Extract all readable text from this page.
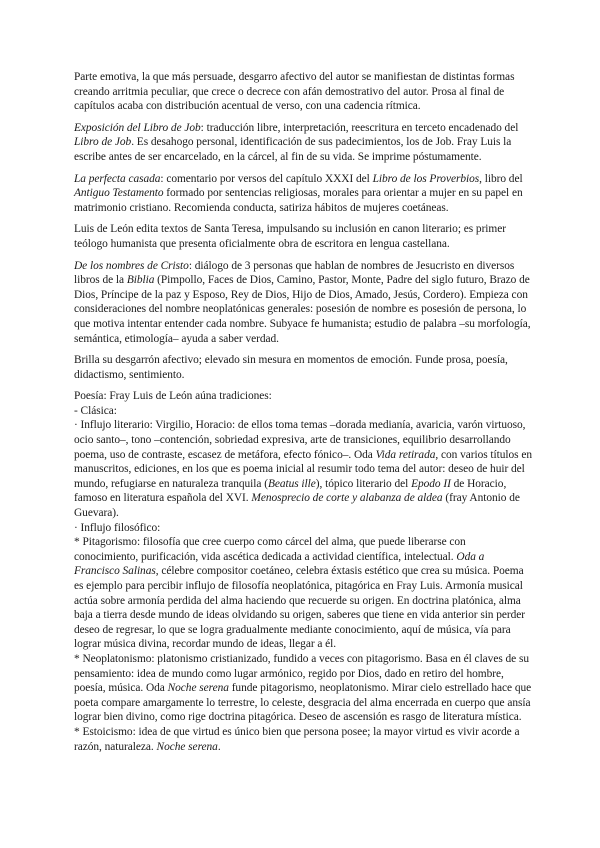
Parte emotiva, la que más persuade, desgarro afectivo del autor se manifiestan de distintas formas creando arritmia peculiar, que crece o decrece con afán demostrativo del autor. Prosa al final de capítulos acaba con distribución acentual de verso, con una cadencia rítmica.

Exposición del Libro de Job: traducción libre, interpretación, reescritura en terceto encadenado del Libro de Job. Es desahogo personal, identificación de sus padecimientos, los de Job. Fray Luis la escribe antes de ser encarcelado, en la cárcel, al fin de su vida. Se imprime póstumamente.

La perfecta casada: comentario por versos del capítulo XXXI del Libro de los Proverbios, libro del Antiguo Testamento formado por sentencias religiosas, morales para orientar a mujer en su papel en matrimonio cristiano. Recomienda conducta, satiriza hábitos de mujeres coetáneas.

Luis de León edita textos de Santa Teresa, impulsando su inclusión en canon literario; es primer teólogo humanista que presenta oficialmente obra de escritora en lengua castellana.

De los nombres de Cristo: diálogo de 3 personas que hablan de nombres de Jesucristo en diversos libros de la Biblia (Pimpollo, Faces de Dios, Camino, Pastor, Monte, Padre del siglo futuro, Brazo de Dios, Príncipe de la paz y Esposo, Rey de Dios, Hijo de Dios, Amado, Jesús, Cordero). Empieza con consideraciones del nombre neoplatónicas generales: posesión de nombre es posesión de persona, lo que motiva intentar entender cada nombre. Subyace fe humanista; estudio de palabra –su morfología, semántica, etimología– ayuda a saber verdad.

Brilla su desgarrón afectivo; elevado sin mesura en momentos de emoción. Funde prosa, poesía, didactismo, sentimiento.

Poesía: Fray Luis de León aúna tradiciones:

- Clásica:

· Influjo literario: Virgilio, Horacio: de ellos toma temas –dorada medianía, avaricia, varón virtuoso, ocio santo–, tono –contención, sobriedad expresiva, arte de transiciones, equilibrio desarrollando poema, uso de contraste, escasez de metáfora, efecto fónico–. Oda Vida retirada, con varios títulos en manuscritos, ediciones, en los que es poema inicial al resumir todo tema del autor: deseo de huir del mundo, refugiarse en naturaleza tranquila (Beatus ille), tópico literario del Epodo II de Horacio, famoso en literatura española del XVI. Menosprecio de corte y alabanza de aldea (fray Antonio de Guevara).

· Influjo filosófico:

* Pitagorismo: filosofía que cree cuerpo como cárcel del alma, que puede liberarse con conocimiento, purificación, vida ascética dedicada a actividad científica, intelectual. Oda a Francisco Salinas, célebre compositor coetáneo, celebra éxtasis estético que crea su música. Poema es ejemplo para percibir influjo de filosofía neoplatónica, pitagórica en Fray Luis. Armonía musical actúa sobre armonía perdida del alma haciendo que recuerde su origen. En doctrina platónica, alma baja a tierra desde mundo de ideas olvidando su origen, saberes que tiene en vida anterior sin perder deseo de regresar, lo que se logra gradualmente mediante conocimiento, aquí de música, vía para lograr música divina, recordar mundo de ideas, llegar a él.

* Neoplatonismo: platonismo cristianizado, fundido a veces con pitagorismo. Basa en él claves de su pensamiento: idea de mundo como lugar armónico, regido por Dios, dado en retiro del hombre, poesía, música. Oda Noche serena funde pitagorismo, neoplatonismo. Mirar cielo estrellado hace que poeta compare amargamente lo terrestre, lo celeste, desgracia del alma encerrada en cuerpo que ansía lograr bien divino, como rige doctrina pitagórica. Deseo de ascensión es rasgo de literatura mística.

* Estoicismo: idea de que virtud es único bien que persona posee; la mayor virtud es vivir acorde a razón, naturaleza. Noche serena.
